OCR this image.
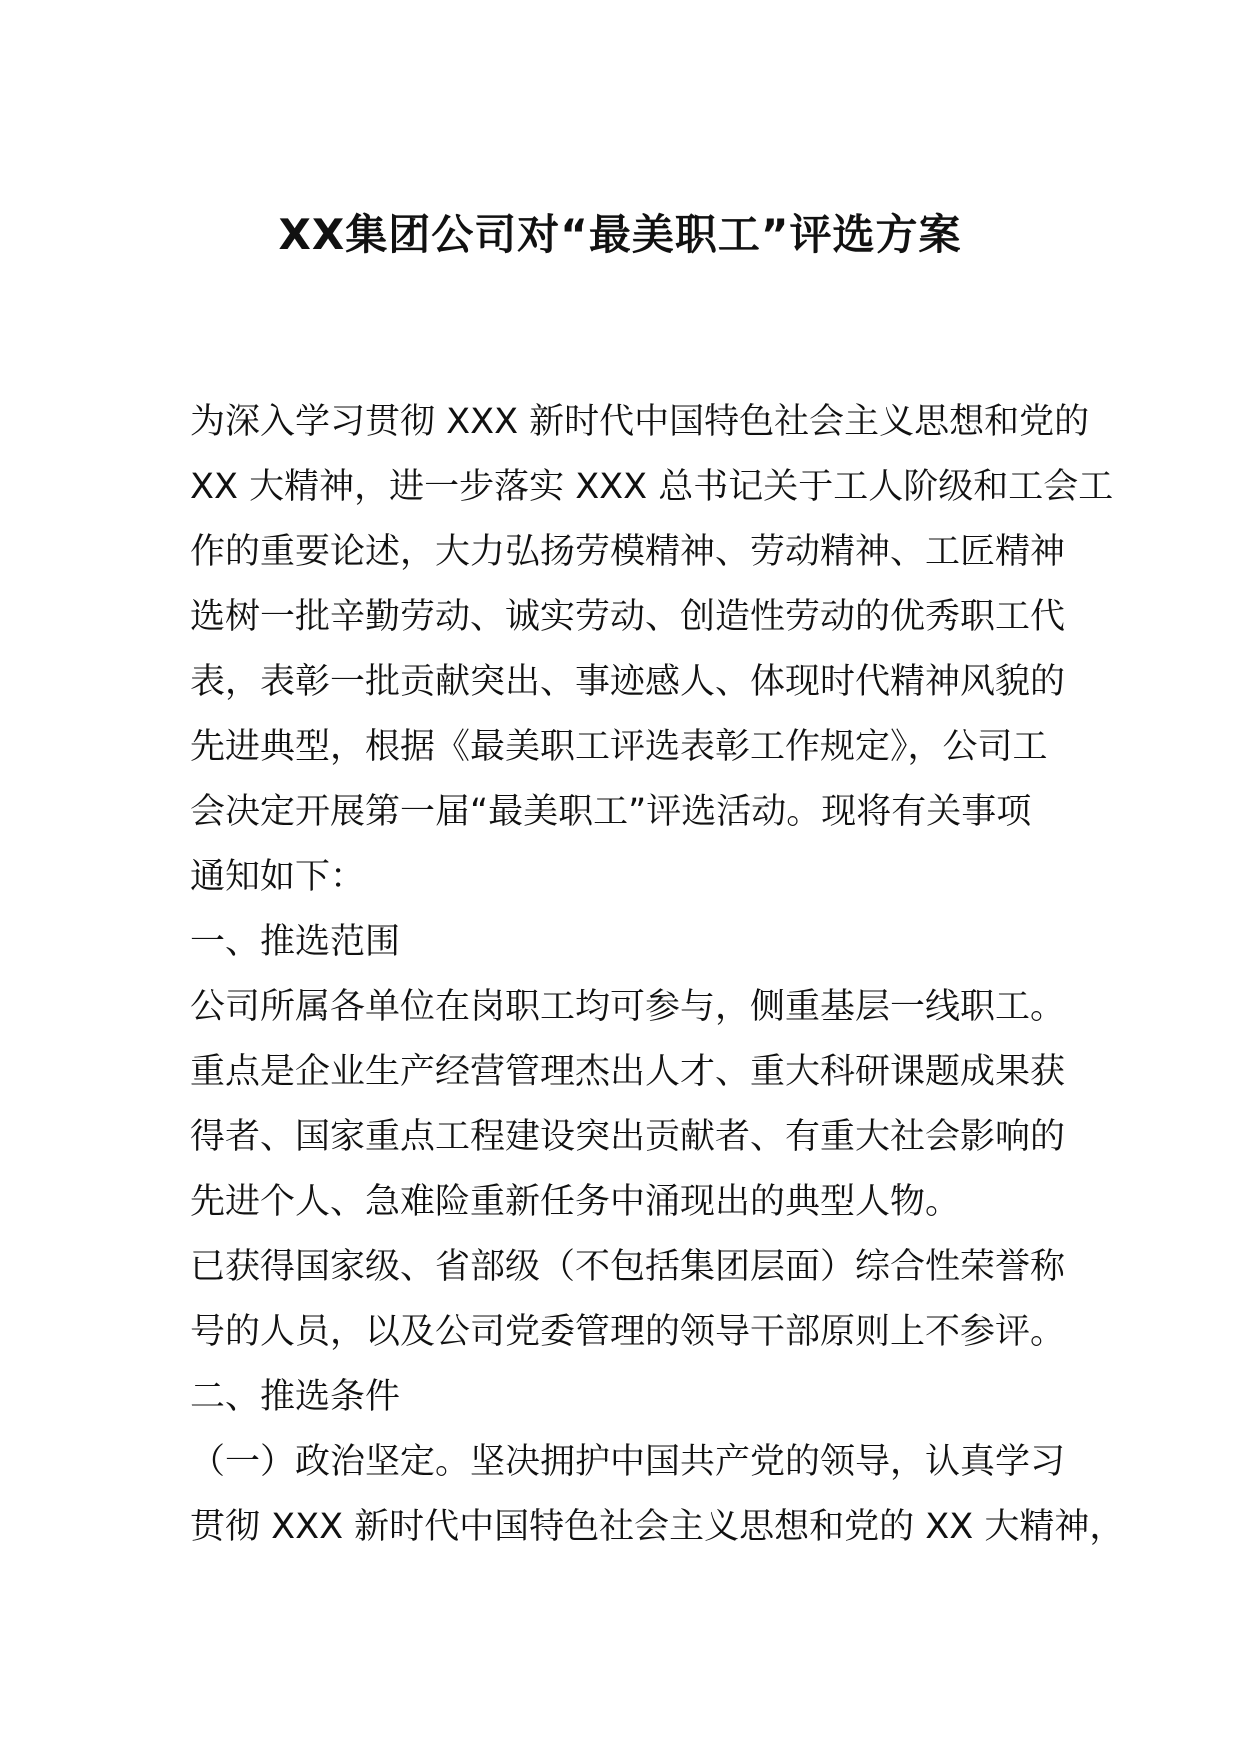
XX集团公司对“最美职工”评选方案

为深入学习贯彻 XXX 新时代中国特色社会主义思想和党的

XX 大精神，进一步落实 XXX 总书记关于工人阶级和工会工

作的重要论述，大力弘扬劳模精神、劳动精神、工匠精神

选树一批辛勤劳动、诚实劳动、创造性劳动的优秀职工代

表，表彰一批贡献突出、事迹感人、体现时代精神风貌的

先进典型，根据《最美职工评选表彰工作规定》，公司工

会决定开展第一届“最美职工”评选活动。现将有关事项

通知如下：

一、推选范围

公司所属各单位在岗职工均可参与，侧重基层一线职工。

重点是企业生产经营管理杰出人才、重大科研课题成果获

得者、国家重点工程建设突出贡献者、有重大社会影响的

先进个人、急难险重新任务中涌现出的典型人物。

已获得国家级、省部级（不包括集团层面）综合性荣誉称

号的人员，以及公司党委管理的领导干部原则上不参评。

二、推选条件

（一）政治坚定。坚决拥护中国共产党的领导，认真学习

贯彻 XXX 新时代中国特色社会主义思想和党的 XX 大精神，
